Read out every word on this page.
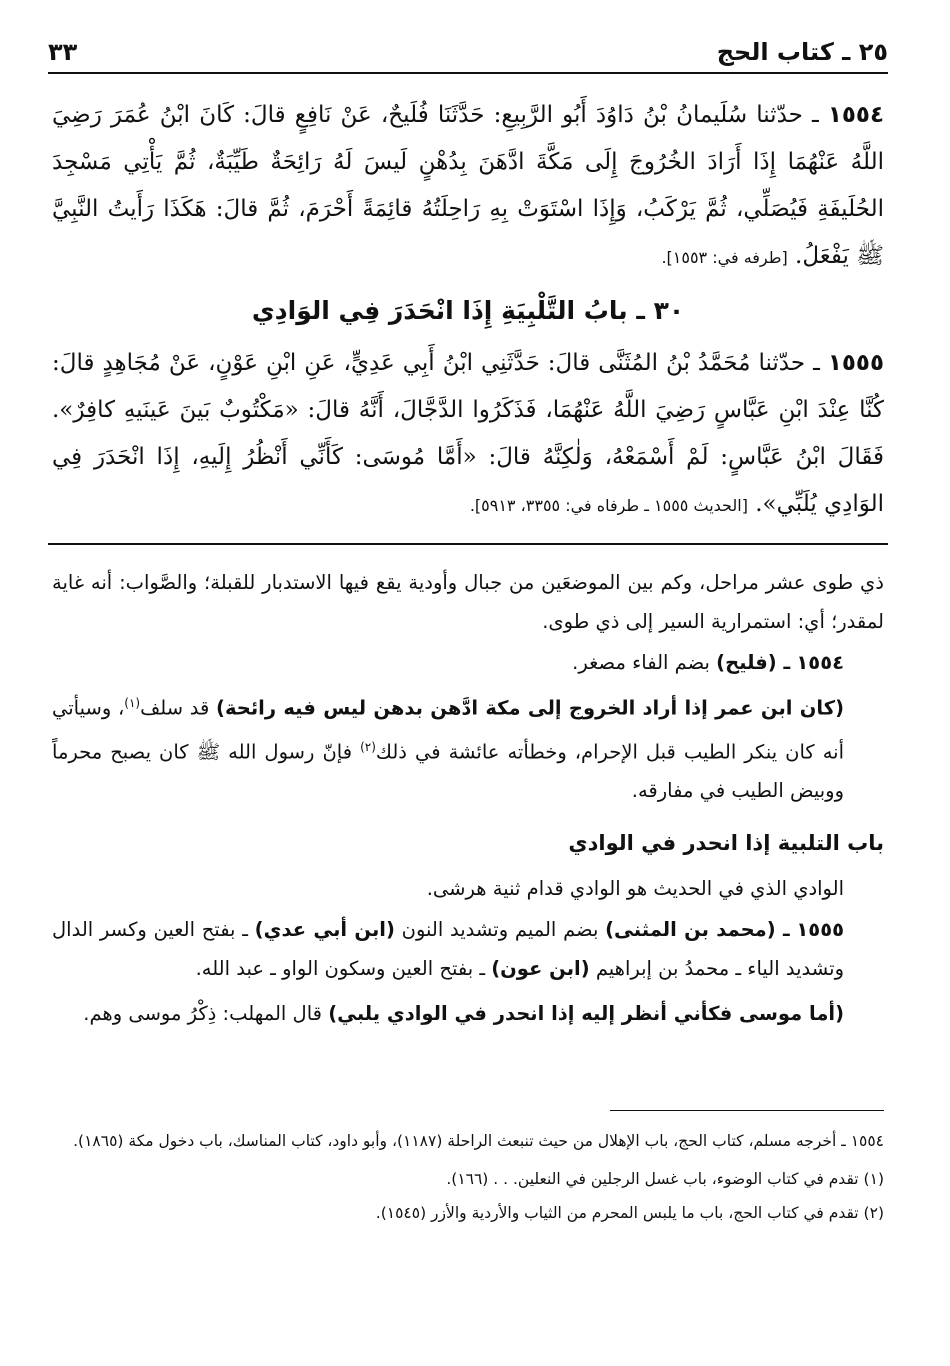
٢٥ ـ كتاب الحج
٣٣
١٥٥٤ ـ حدّثنا سُلَيمانُ بْنُ دَاوُدَ أَبُو الرَّبِيعِ: حَدَّثَنَا فُلَيحٌ، عَنْ نَافِعٍ قالَ: كَانَ ابْنُ عُمَرَ رَضِيَ اللَّهُ عَنْهُمَا إِذَا أَرَادَ الخُرُوجَ إِلَى مَكَّةَ ادَّهَنَ بِدُهْنٍ لَيسَ لَهُ رَائِحَةٌ طَيِّبَةٌ، ثُمَّ يَأْتِي مَسْجِدَ الحُلَيفَةِ فَيُصَلِّي، ثُمَّ يَرْكَبُ، وَإِذَا اسْتَوَتْ بِهِ رَاحِلَتُهُ قائِمَةً أَحْرَمَ، ثُمَّ قالَ: هَكَذَا رَأَيتُ النَّبِيَّ ﷺ يَفْعَلُ. [طرفه في: ١٥٥٣].
٣٠ ـ بابُ التَّلْبِيَةِ إِذَا انْحَدَرَ فِي الوَادِي
١٥٥٥ ـ حدّثنا مُحَمَّدُ بْنُ المُثَنَّى قالَ: حَدَّثَنِي ابْنُ أَبِي عَدِيٍّ، عَنِ ابْنِ عَوْنٍ، عَنْ مُجَاهِدٍ قالَ: كُنَّا عِنْدَ ابْنِ عَبَّاسٍ رَضِيَ اللَّهُ عَنْهُمَا، فَذَكَرُوا الدَّجَّالَ، أَنَّهُ قالَ: «مَكْتُوبٌ بَينَ عَينَيهِ كافِرٌ». فَقَالَ ابْنُ عَبَّاسٍ: لَمْ أَسْمَعْهُ، وَلٰكِنَّهُ قالَ: «أَمَّا مُوسَى: كَأَنِّي أَنْظُرُ إِلَيهِ، إِذَا انْحَدَرَ فِي الوَادِي يُلَبِّي». [الحديث ١٥٥٥ ـ طرفاه في: ٣٣٥٥، ٥٩١٣].

ذي طوى عشر مراحل، وكم بين الموضعَين من جبال وأودية يقع فيها الاستدبار للقبلة؛ والصَّواب: أنه غاية لمقدر؛ أي: استمرارية السير إلى ذي طوى.

١٥٥٤ ـ (فليح) بضم الفاء مصغر.

(كان ابن عمر إذا أراد الخروج إلى مكة ادَّهن بدهن ليس فيه رائحة) قد سلف$^{(١)}$، وسيأتي أنه كان ينكر الطيب قبل الإحرام، وخطأته عائشة في ذلك$^{(٢)}$ فإنّ رسول الله ﷺ كان يصبح محرماً ووبيض الطيب في مفارقه.

باب التلبية إذا انحدر في الوادي

الوادي الذي في الحديث هو الوادي قدام ثنية هرشى.

١٥٥٥ ـ (محمد بن المثنى) بضم الميم وتشديد النون (ابن أبي عدي) ـ بفتح العين وكسر الدال وتشديد الياء ـ محمدُ بن إبراهيم (ابن عون) ـ بفتح العين وسكون الواو ـ عبد الله.

(أما موسى فكأني أنظر إليه إذا انحدر في الوادي يلبي) قال المهلب: ذِكْرُ موسى وهم.

١٥٥٤ ـ أخرجه مسلم، كتاب الحج، باب الإهلال من حيث تنبعث الراحلة (١١٨٧)، وأبو داود، كتاب المناسك، باب دخول مكة (١٨٦٥).

(١) تقدم في كتاب الوضوء، باب غسل الرجلين في النعلين. . . (١٦٦).

(٢) تقدم في كتاب الحج، باب ما يلبس المحرم من الثياب والأردية والأزر (١٥٤٥).
